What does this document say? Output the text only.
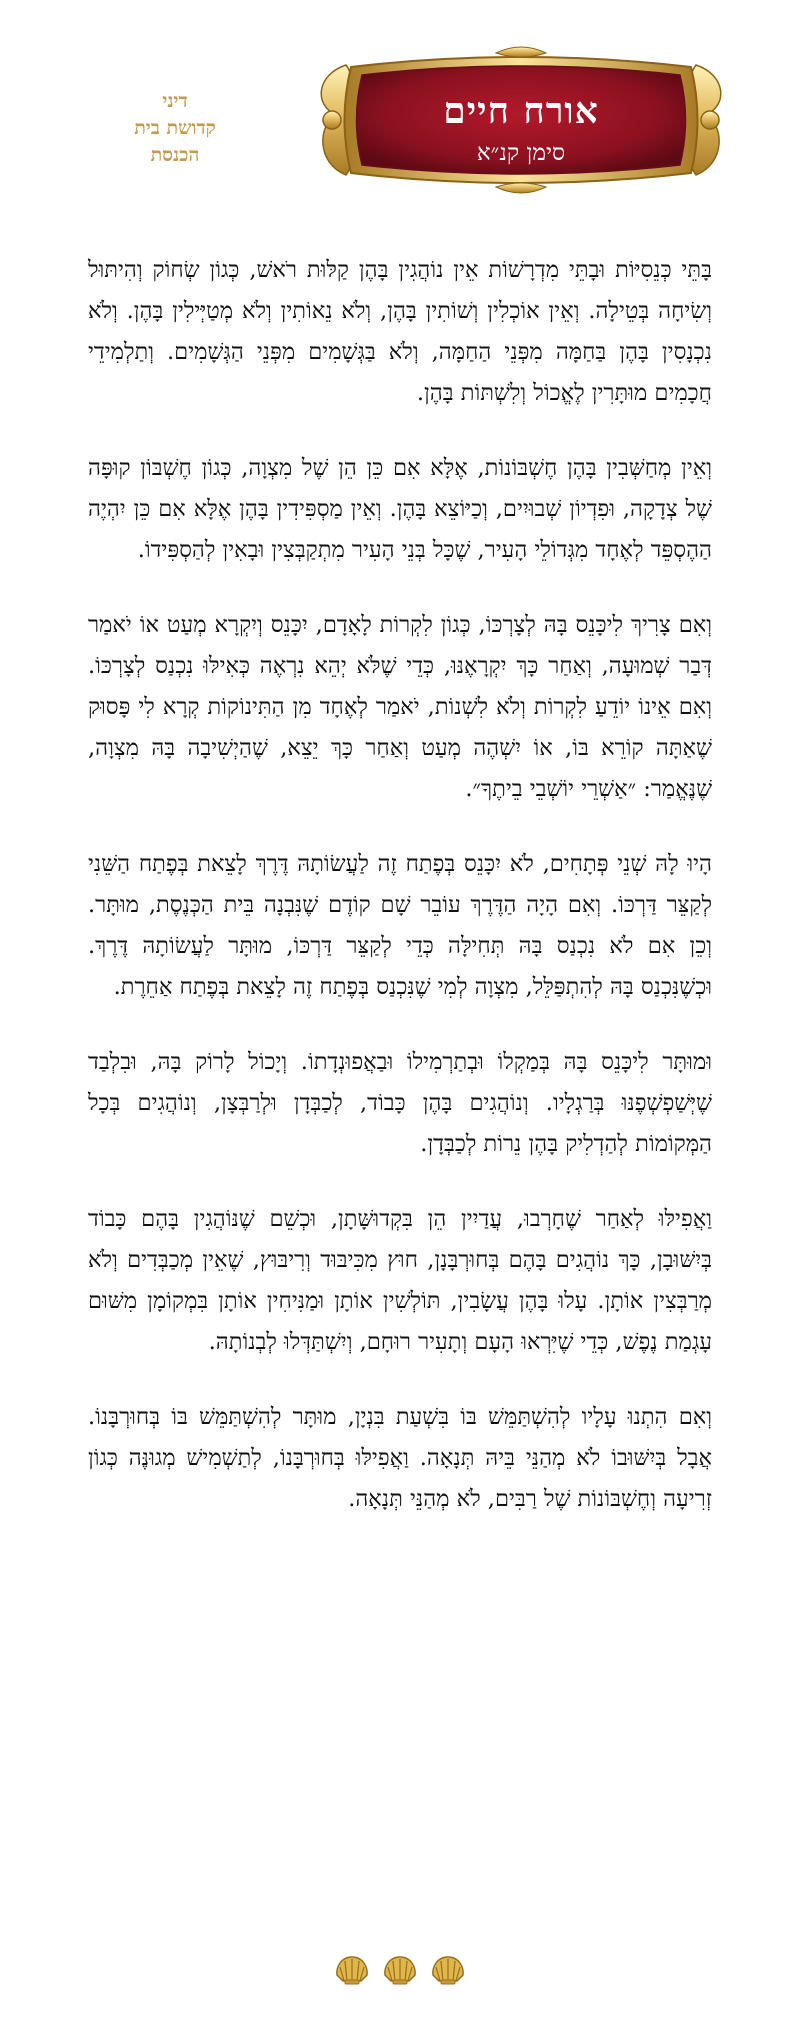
דיני
קדושת בית
הכנסת
אורח חיים
סימן קנ״א

בָּתֵּי כְּנֵסִיּוֹת וּבָתֵּי מִדְרָשׁוֹת אֵין נוֹהֲגִין בָּהֶן קַלּוּת רֹאשׁ, כְּגוֹן שְׂחוֹק וְהִיתּוּל וְשִׂיחָה בְּטֵילָה. וְאֵין אוֹכְלִין וְשׁוֹתִין בָּהֶן, וְלֹא נֵאוֹתִין וְלֹא מְטַיְּילִין בָּהֶן. וְלֹא נִכְנָסִין בָּהֶן בַּחַמָּה מִפְּנֵי הַחַמָּה, וְלֹא בַּגְּשָׁמִים מִפְּנֵי הַגְּשָׁמִים. וְתַלְמִידֵי חֲכָמִים מוּתָּרִין לֶאֱכוֹל וְלִשְׁתּוֹת בָּהֶן.

וְאֵין מְחַשְּׁבִין בָּהֶן חֶשְׁבּוֹנוֹת, אֶלָּא אִם כֵּן הֵן שֶׁל מִצְוָה, כְּגוֹן חֶשְׁבּוֹן קוּפָּה שֶׁל צְדָקָה, וּפִדְיוֹן שְׁבוּיִים, וְכַיּוֹצֵא בָּהֶן. וְאֵין מַסְפִּידִין בָּהֶן אֶלָּא אִם כֵּן יִהְיֶה הַהֶסְפֵּד לְאֶחָד מִגְּדוֹלֵי הָעִיר, שֶׁכָּל בְּנֵי הָעִיר מִתְקַבְּצִין וּבָאִין לְהַסְפִּידוֹ.

וְאִם צָרִיךְ לִיכָּנֵס בָּהּ לְצָרְכּוֹ, כְּגוֹן לִקְרוֹת לָאָדָם, יִכָּנֵס וְיִקְרָא מְעַט אוֹ יֹאמַר דְּבַר שְׁמוּעָה, וְאַחַר כָּךְ יִקְרָאֶנּוּ, כְּדֵי שֶׁלֹּא יְהֵא נִרְאֶה כְּאִילּוּ נִכְנַס לְצָרְכּוֹ. וְאִם אֵינוֹ יוֹדֵעַ לִקְרוֹת וְלֹא לִשְׁנוֹת, יֹאמַר לְאֶחָד מִן הַתִּינוֹקוֹת קְרָא לִי פָּסוּק שֶׁאַתָּה קוֹרֵא בּוֹ, אוֹ יִשְׁהֶה מְעַט וְאַחַר כָּךְ יֵצֵא, שֶׁהַיְשִׁיבָה בָּהּ מִצְוָה, שֶׁנֶּאֱמַר: ״אַשְׁרֵי יוֹשְׁבֵי בֵיתֶךָ״.

הָיוּ לָהּ שְׁנֵי פְּתָחִים, לֹא יִכָּנֵס בְּפֶתַח זֶה לַעֲשׂוֹתָהּ דֶּרֶךְ לָצֵאת בְּפֶתַח הַשֵּׁנִי לְקַצֵּר דַּרְכּוֹ. וְאִם הָיָה הַדֶּרֶךְ עוֹבֵר שָׁם קוֹדֶם שֶׁנִּבְנָה בֵּית הַכְּנֶסֶת, מוּתָּר. וְכֵן אִם לֹא נִכְנַס בָּהּ תְּחִילָּה כְּדֵי לְקַצֵּר דַּרְכּוֹ, מוּתָּר לַעֲשׂוֹתָהּ דֶּרֶךְ. וּכְשֶׁנִּכְנַס בָּהּ לְהִתְפַּלֵּל, מִצְוָה לְמִי שֶׁנִּכְנַס בְּפֶתַח זֶה לָצֵאת בְּפֶתַח אַחֵרֶת.

וּמוּתָּר לִיכָּנֵס בָּהּ בְּמַקְלוֹ וּבְתַרְמִילוֹ וּבַאֲפוּנְדָתוֹ. וְיָכוֹל לָרוֹק בָּהּ, וּבִלְבַד שֶׁיְּשַׁפְשְׁפֶנּוּ בְּרַגְלָיו. וְנוֹהֲגִים בָּהֶן כָּבוֹד, לְכַבְּדָן וּלְרַבְּצָן, וְנוֹהֲגִים בְּכָל הַמְּקוֹמוֹת לְהַדְלִיק בָּהֶן נֵרוֹת לְכַבְּדָן.

וַאֲפִילּוּ לְאַחַר שֶׁחָרְבוּ, עֲדַיִין הֵן בִּקְדוּשָּׁתָן, וּכְשֵׁם שֶׁנּוֹהֲגִין בָּהֶם כָּבוֹד בְּיִשּׁוּבָן, כָּךְ נוֹהֲגִים בָּהֶם בְּחוּרְבָּנָן, חוּץ מִכִּיבּוּד וְרִיבּוּץ, שֶׁאֵין מְכַבְּדִים וְלֹא מְרַבְּצִין אוֹתָן. עָלוּ בָּהֶן עֲשָׂבִין, תּוֹלְשִׁין אוֹתָן וּמַנִּיחִין אוֹתָן בִּמְקוֹמָן מִשּׁוּם עָגְמַת נֶפֶשׁ, כְּדֵי שֶׁיִּרְאוּ הָעָם וְתָעִיר רוּחָם, וְיִשְׁתַּדְּלוּ לְבְנוֹתָהּ.

וְאִם הִתְנוּ עָלָיו לְהִשְׁתַּמֵּשׁ בּוֹ בִּשְׁעַת בִּנְיָן, מוּתָּר לְהִשְׁתַּמֵּשׁ בּוֹ בְּחוּרְבָּנוֹ. אֲבָל בְּיִשּׁוּבוֹ לֹא מְהַנֵּי בֵּיהּ תְּנָאָה. וַאֲפִילּוּ בְּחוּרְבָּנוֹ, לְתַשְׁמִישׁ מְגוּנֶּה כְּגוֹן זְרִיעָה וְחֶשְׁבּוֹנוֹת שֶׁל רַבִּים, לֹא מְהַנֵּי תְּנָאָה.
